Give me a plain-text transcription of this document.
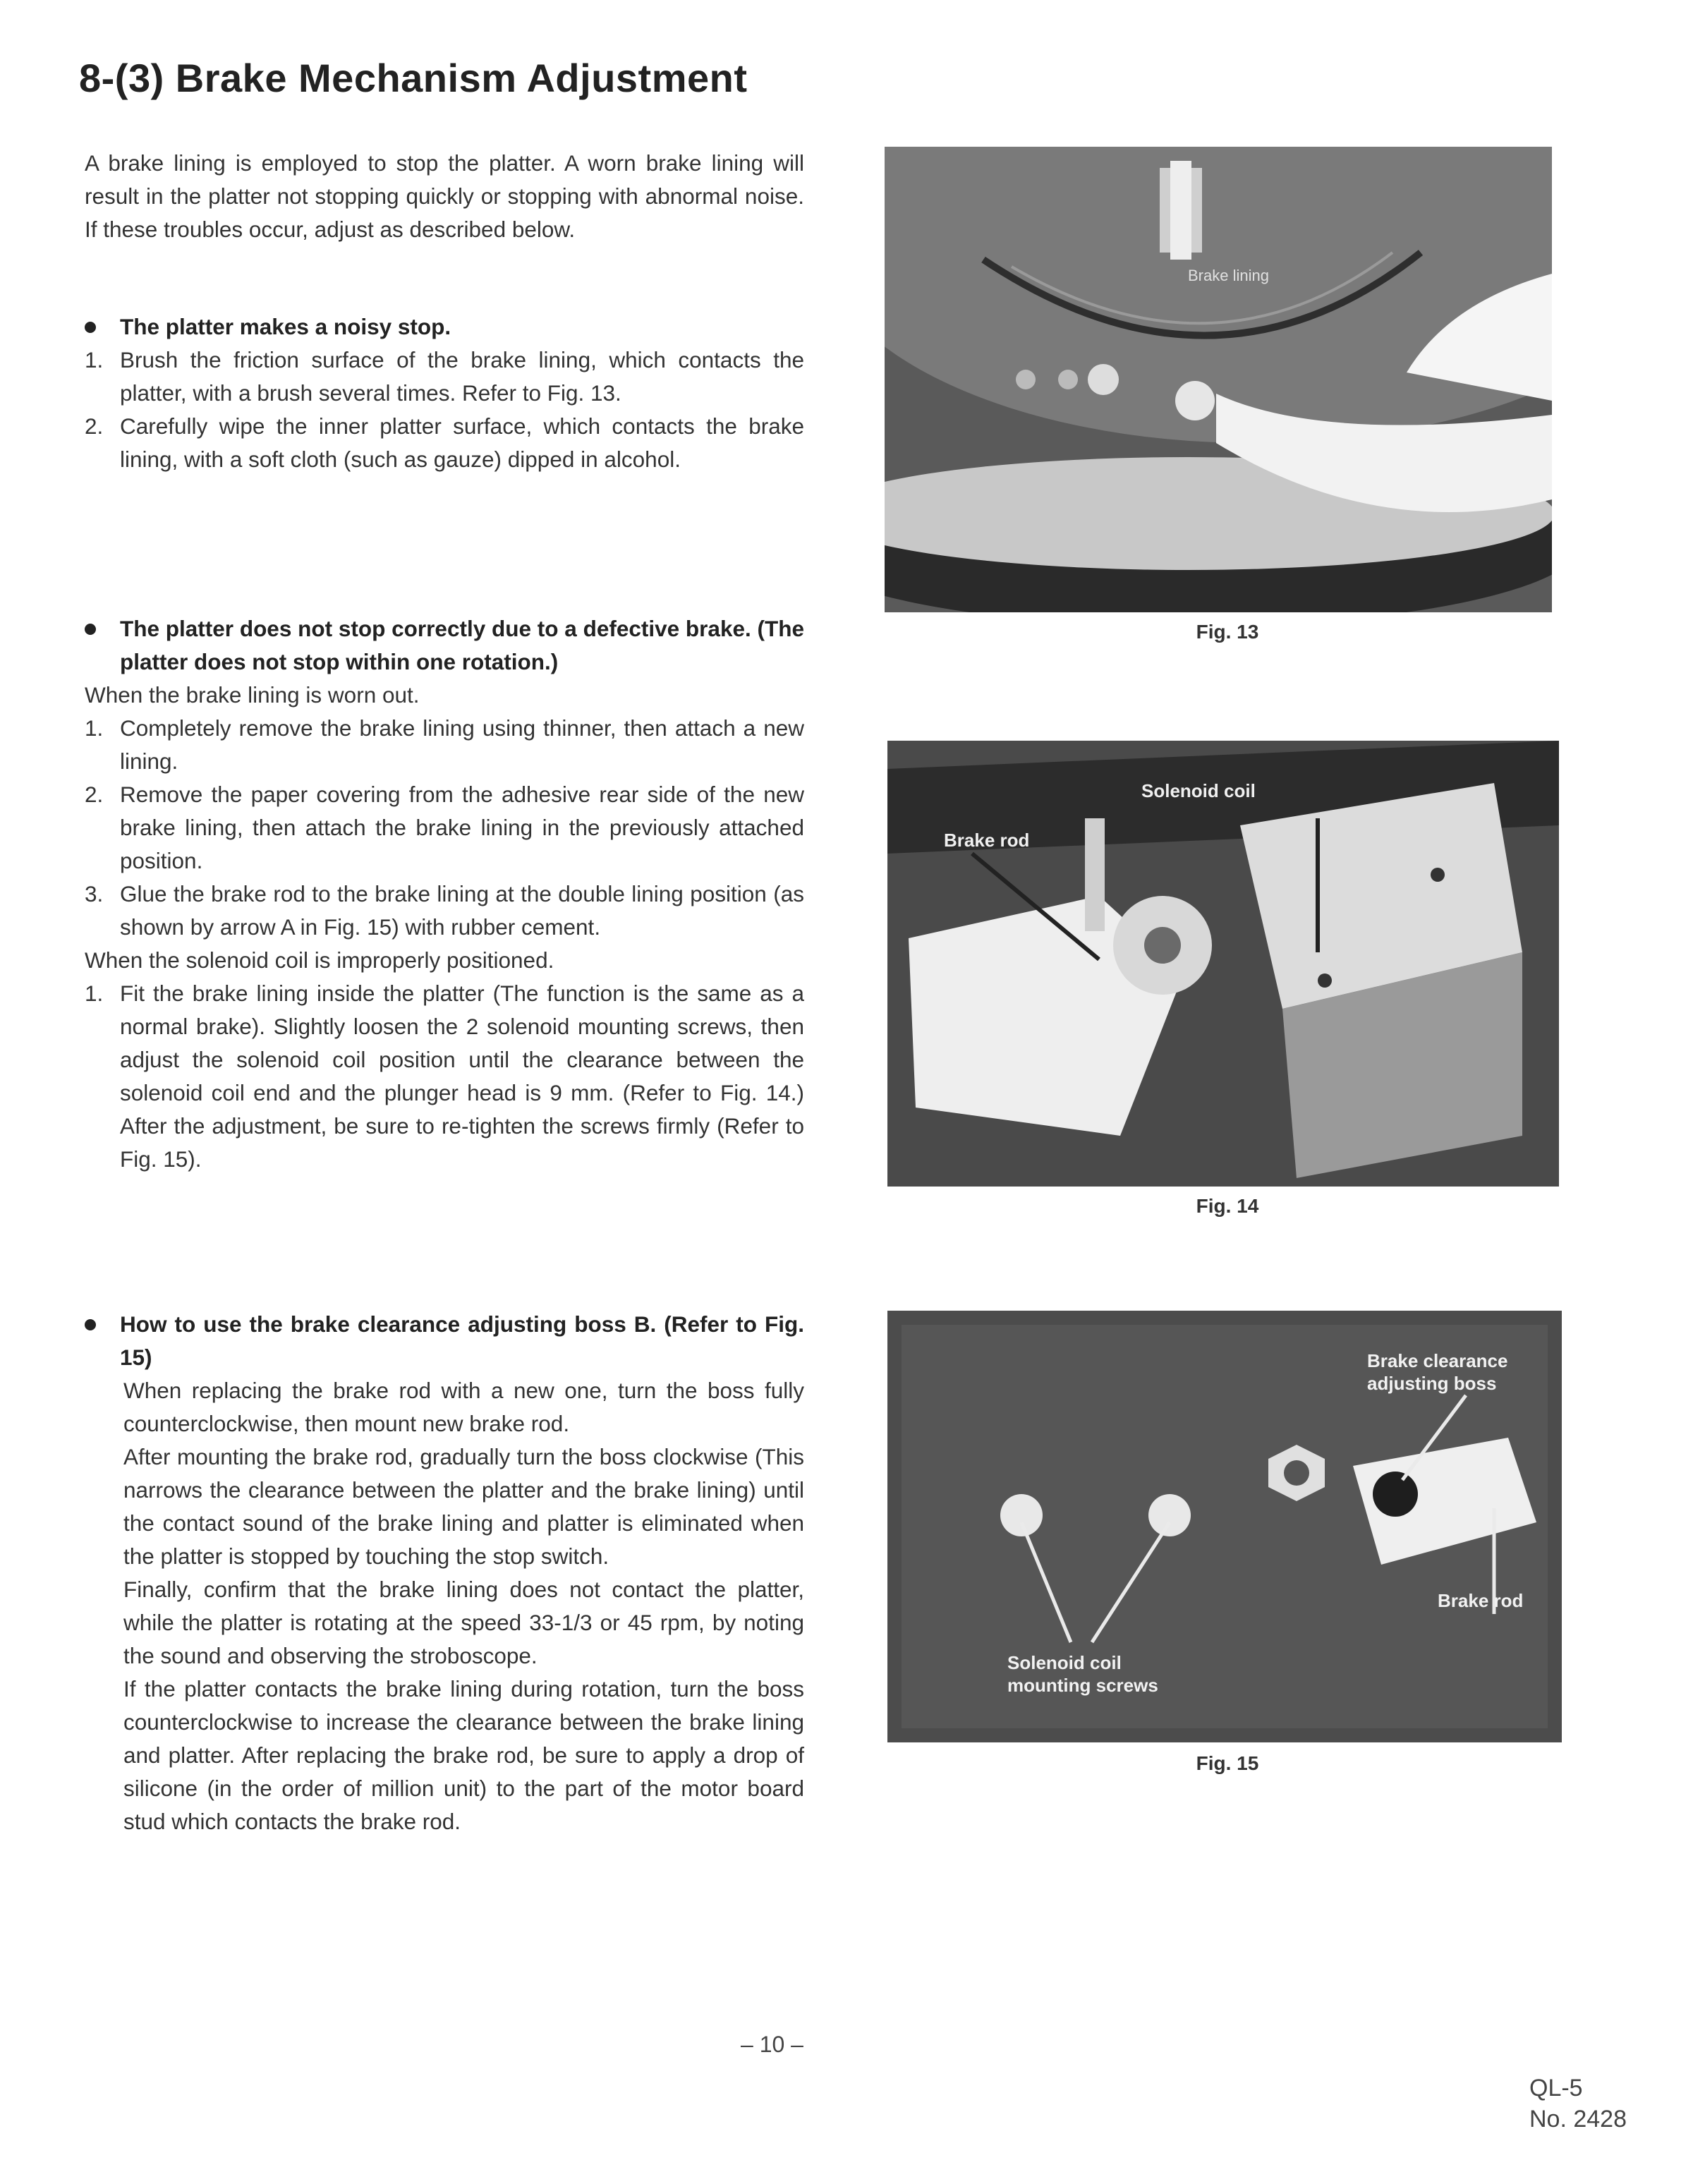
8-(3) Brake Mechanism Adjustment

A brake lining is employed to stop the platter. A worn brake lining will result in the platter not stopping quickly or stopping with abnormal noise. If these troubles occur, adjust as described below.

The platter makes a noisy stop.

1. Brush the friction surface of the brake lining, which contacts the platter, with a brush several times. Refer to Fig. 13.
2. Carefully wipe the inner platter surface, which contacts the brake lining, with a soft cloth (such as gauze) dipped in alcohol.

The platter does not stop correctly due to a defective brake. (The platter does not stop within one rotation.)

When the brake lining is worn out.

1. Completely remove the brake lining using thinner, then attach a new lining.
2. Remove the paper covering from the adhesive rear side of the new brake lining, then attach the brake lining in the previously attached position.
3. Glue the brake rod to the brake lining at the double lining position (as shown by arrow A in Fig. 15) with rubber cement.

When the solenoid coil is improperly positioned.

1. Fit the brake lining inside the platter (The function is the same as a normal brake). Slightly loosen the 2 solenoid mounting screws, then adjust the solenoid coil position until the clearance between the solenoid coil end and the plunger head is 9 mm. (Refer to Fig. 14.) After the adjustment, be sure to re-tighten the screws firmly (Refer to Fig. 15).

How to use the brake clearance adjusting boss B. (Refer to Fig. 15)

When replacing the brake rod with a new one, turn the boss fully counterclockwise, then mount new brake rod.

After mounting the brake rod, gradually turn the boss clockwise (This narrows the clearance between the platter and the brake lining) until the contact sound of the brake lining and platter is eliminated when the platter is stopped by touching the stop switch.

Finally, confirm that the brake lining does not contact the platter, while the platter is rotating at the speed 33-1/3 or 45 rpm, by noting the sound and observing the stroboscope.

If the platter contacts the brake lining during rotation, turn the boss counterclockwise to increase the clearance between the brake lining and platter. After replacing the brake rod, be sure to apply a drop of silicone (in the order of million unit) to the part of the motor board stud which contacts the brake rod.

Brake lining
Fig. 13
Solenoid coil
Brake rod
Fig. 14
Brake clearance
adjusting boss
Brake rod
Solenoid coil
mounting screws
Fig. 15
– 10 –
QL-5
No. 2428
